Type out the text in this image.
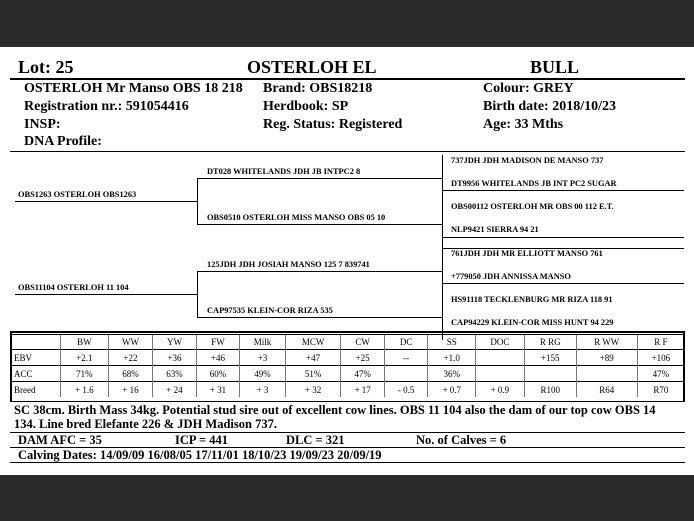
Lot: 25	OSTERLOH EL	BULL
OSTERLOH Mr Manso OBS 18 218 Brand: OBS18218	Colour: GREY
Registration nr.: 591054416	Herdbook: SP	Birth date: 2018/10/23
INSP:	Reg. Status: Registered	Age: 33 Mths
DNA Profile:
OBS1263 OSTERLOH OBS1263
OBS11104 OSTERLOH 11 104
DT028 WHITELANDS JDH JB INTPC2 8
OBS0510 OSTERLOH MISS MANSO OBS 05 10
125JDH JDH JOSIAH MANSO 125 7 839741
CAP97535 KLEIN-COR RIZA 535
737JDH JDH MADISON DE MANSO 737
DT9956 WHITELANDS JB INT PC2 SUGAR
OBS00112 OSTERLOH MR OBS 00 112 E.T.
NLP9421 SIERRA 94 21
761JDH JDH MR ELLIOTT MANSO 761
+779050 JDH ANNISSA MANSO
HS91118 TECKLENBURG MR RIZA 118 91
CAP94229 KLEIN-COR MISS HUNT 94 229
	BW	WW	YW	FW	Milk	MCW	CW	DC	SS	DOC	R RG	R WW	R F
EBV	+2.1	+22	+36	+46	+3	+47	+25	--	+1.0		+155	+89	+106
ACC	71%	68%	63%	60%	49%	51%	47%		36%				47%
Breed	+ 1.6	+ 16	+ 24	+ 31	+ 3	+ 32	+ 17	- 0.5	+ 0.7	+ 0.9	R100	R64	R70
SC 38cm. Birth Mass 34kg. Potential stud sire out of excellent cow lines. OBS 11 104 also the dam of our top cow OBS 14
134. Line bred Elefante 226 & JDH Madison 737.
DAM AFC = 35	ICP = 441	DLC = 321	No. of Calves = 6
Calving Dates: 14/09/09 16/08/05 17/11/01 18/10/23 19/09/23 20/09/19
